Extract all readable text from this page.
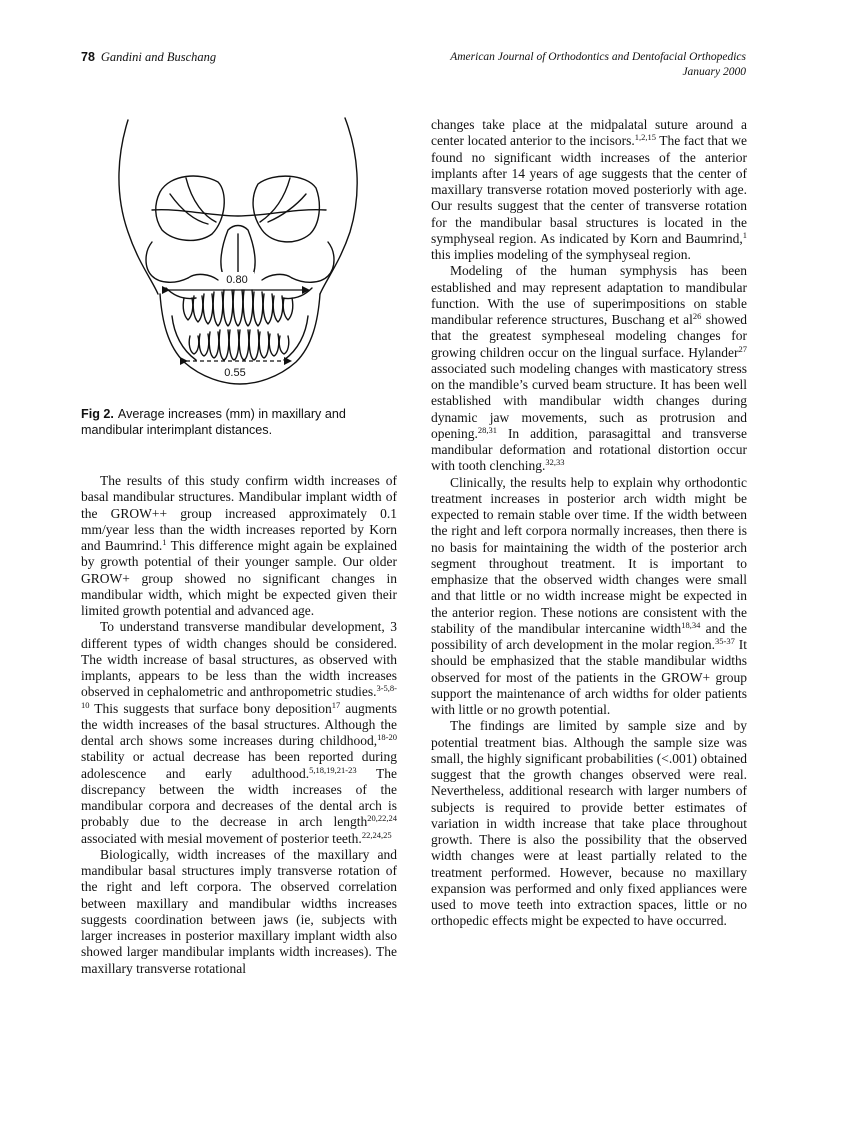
78 Gandini and Buschang	American Journal of Orthodontics and Dentofacial Orthopedics
January 2000
0.80
0.55
Fig 2. Average increases (mm) in maxillary and mandibular interimplant distances.

The results of this study confirm width increases of basal mandibular structures. Mandibular implant width of the GROW++ group increased approximately 0.1 mm/year less than the width increases reported by Korn and Baumrind.$^1$ This difference might again be explained by growth potential of their younger sample. Our older GROW+ group showed no significant changes in mandibular width, which might be expected given their limited growth potential and advanced age.

To understand transverse mandibular development, 3 different types of width changes should be considered. The width increase of basal structures, as observed with implants, appears to be less than the width increases observed in cephalometric and anthropometric studies.$^{3-5,8-10}$ This suggests that surface bony deposition$^{17}$ augments the width increases of the basal structures. Although the dental arch shows some increases during childhood,$^{18-20}$ stability or actual decrease has been reported during adolescence and early adulthood.$^{5,18,19,21-23}$ The discrepancy between the width increases of the mandibular corpora and decreases of the dental arch is probably due to the decrease in arch length$^{20,22,24}$ associated with mesial movement of posterior teeth.$^{22,24,25}$

Biologically, width increases of the maxillary and mandibular basal structures imply transverse rotation of the right and left corpora. The observed correlation between maxillary and mandibular widths increases suggests coordination between jaws (ie, subjects with larger increases in posterior maxillary implant width also showed larger mandibular implants width increases). The maxillary transverse rotational

changes take place at the midpalatal suture around a center located anterior to the incisors.$^{1,2,15}$ The fact that we found no significant width increases of the anterior implants after 14 years of age suggests that the center of maxillary transverse rotation moved posteriorly with age. Our results suggest that the center of transverse rotation for the mandibular basal structures is located in the symphyseal region. As indicated by Korn and Baumrind,$^1$ this implies modeling of the symphyseal region.

Modeling of the human symphysis has been established and may represent adaptation to mandibular function. With the use of superimpositions on stable mandibular reference structures, Buschang et $al^{26}$ showed that the greatest sympheseal modeling changes for growing children occur on the lingual surface. Hylander$^{27}$ associated such modeling changes with masticatory stress on the mandible’s curved beam structure. It has been well established with mandibular width changes during dynamic jaw movements, such as protrusion and opening.$^{28,31}$ In addition, parasagittal and transverse mandibular deformation and rotational distortion occur with tooth clenching.$^{32,33}$

Clinically, the results help to explain why orthodontic treatment increases in posterior arch width might be expected to remain stable over time. If the width between the right and left corpora normally increases, then there is no basis for maintaining the width of the posterior arch segment throughout treatment. It is important to emphasize that the observed width changes were small and that little or no width increase might be expected in the anterior region. These notions are consistent with the stability of the mandibular intercanine width$^{18,34}$ and the possibility of arch development in the molar region.$^{35-37}$ It should be emphasized that the stable mandibular widths observed for most of the patients in the GROW+ group support the maintenance of arch widths for older patients with little or no growth potential.

The findings are limited by sample size and by potential treatment bias. Although the sample size was small, the highly significant probabilities (<.001) obtained suggest that the growth changes observed were real. Nevertheless, additional research with larger numbers of subjects is required to provide better estimates of variation in width increase that take place throughout growth. There is also the possibility that the observed width changes were at least partially related to the treatment performed. However, because no maxillary expansion was performed and only fixed appliances were used to move teeth into extraction spaces, little or no orthopedic effects might be expected to have occurred.
